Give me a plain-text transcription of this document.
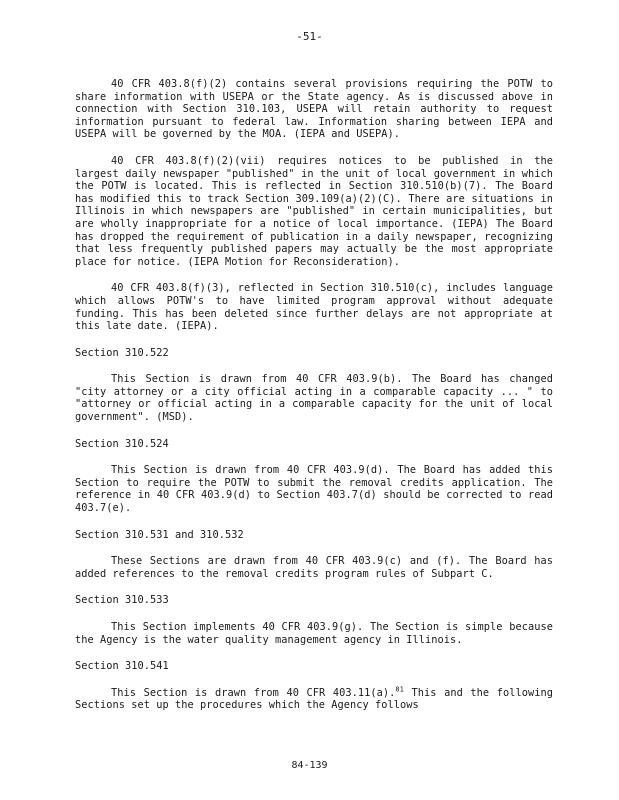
-51-

40 CFR 403.8(f)(2) contains several provisions requiring the POTW to share information with USEPA or the State agency. As is discussed above in connection with Section 310.103, USEPA will retain authority to request information pursuant to federal law. Information sharing between IEPA and USEPA will be governed by the MOA. (IEPA and USEPA).

40 CFR 403.8(f)(2)(vii) requires notices to be published in the largest daily newspaper "published" in the unit of local government in which the POTW is located. This is reflected in Section 310.510(b)(7). The Board has modified this to track Section 309.109(a)(2)(C). There are situations in Illinois in which newspapers are "published" in certain municipalities, but are wholly inappropriate for a notice of local importance. (IEPA) The Board has dropped the requirement of publication in a daily newspaper, recognizing that less frequently published papers may actually be the most appropriate place for notice. (IEPA Motion for Reconsideration).

40 CFR 403.8(f)(3), reflected in Section 310.510(c), includes language which allows POTW's to have limited program approval without adequate funding. This has been deleted since further delays are not appropriate at this late date. (IEPA).

Section 310.522

This Section is drawn from 40 CFR 403.9(b). The Board has changed "city attorney or a city official acting in a comparable capacity ... " to "attorney or official acting in a comparable capacity for the unit of local government". (MSD).

Section 310.524

This Section is drawn from 40 CFR 403.9(d). The Board has added this Section to require the POTW to submit the removal credits application. The reference in 40 CFR 403.9(d) to Section 403.7(d) should be corrected to read 403.7(e).

Section 310.531 and 310.532

These Sections are drawn from 40 CFR 403.9(c) and (f). The Board has added references to the removal credits program rules of Subpart C.

Section 310.533

This Section implements 40 CFR 403.9(g). The Section is simple because the Agency is the water quality management agency in Illinois.

Section 310.541

This Section is drawn from 40 CFR 403.11(a).$^{81}$ This and the following Sections set up the procedures which the Agency follows

84-139
